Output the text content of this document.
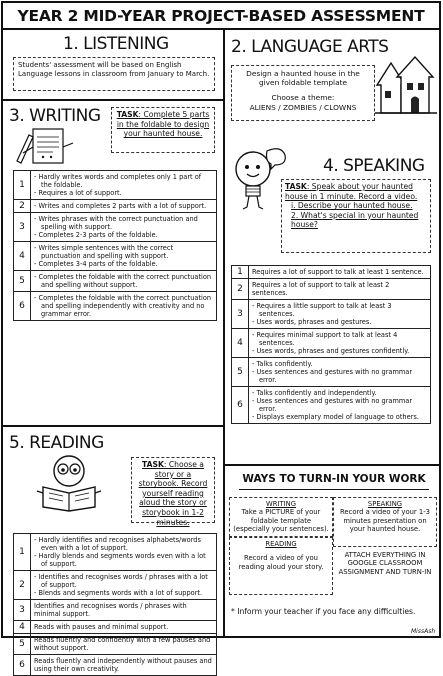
YEAR 2 MID-YEAR PROJECT-BASED ASSESSMENT
1. LISTENING
Students' assessment will be based on English Language lessons in classroom from January to March.
2. LANGUAGE ARTS
Design a haunted house in the given foldable template
Choose a theme:
ALIENS / ZOMBIES / CLOWNS
3. WRITING	TASK: Complete 5 parts in the foldable to design your haunted house.
1	- Hardly writes words and completes only 1 part of the foldable.
- Requires a lot of support.

2	- Writes and completes 2 parts with a lot of support.

3	- Writes phrases with the correct punctuation and spelling with support.
- Completes 2-3 parts of the foldable.

4	- Writes simple sentences with the correct punctuation and spelling with support.
- Completes 3-4 parts of the foldable.

5	- Completes the foldable with the correct punctuation and spelling without support.

6	- Completes the foldable with the correct punctuation and spelling independently with creativity and no grammar error.
4. SPEAKING
TASK: Speak about your haunted house in 1 minute. Record a video.
i. Describe your haunted house.
2. What's special in your haunted house?
1	Requires a lot of support to talk at least 1 sentence.

2	Requires a lot of support to talk at least 2 sentences.

3	- Requires a little support to talk at least 3 sentences.
- Uses words, phrases and gestures.

4	- Requires minimal support to talk at least 4 sentences.
- Uses words, phrases and gestures confidently.

5	- Talks confidently.
- Uses sentences and gestures with no grammar error.

6	- Talks confidently and independently.
- Uses sentences and gestures with no grammar error.
- Displays exemplary model of language to others.
5. READING
TASK: Choose a story or a storybook. Record yourself reading aloud the story or storybook in 1-2 minutes.
1	- Hardly identifies and recognises alphabets/words even with a lot of support.
- Hardly blends and segments words even with a lot of support.

2	- Identifies and recognises words / phrases with a lot of support.
- Blends and segments words with a lot of support.

3	Identifies and recognises words / phrases with minimal support.

4	Reads with pauses and minimal support.

5	Reads fluently and confidently with a few pauses and without support.

6	Reads fluently and independently without pauses and using their own creativity.
WAYS TO TURN-IN YOUR WORK
WRITING
Take a PICTURE of your foldable template (especially your sentences).
SPEAKING
Record a video of your 1-3 minutes presentation on your haunted house.
READING
Record a video of you reading aloud your story.
ATTACH EVERYTHING IN GOOGLE CLASSROOM ASSIGNMENT AND TURN-IN
* Inform your teacher if you face any difficulties.
MissAsh
